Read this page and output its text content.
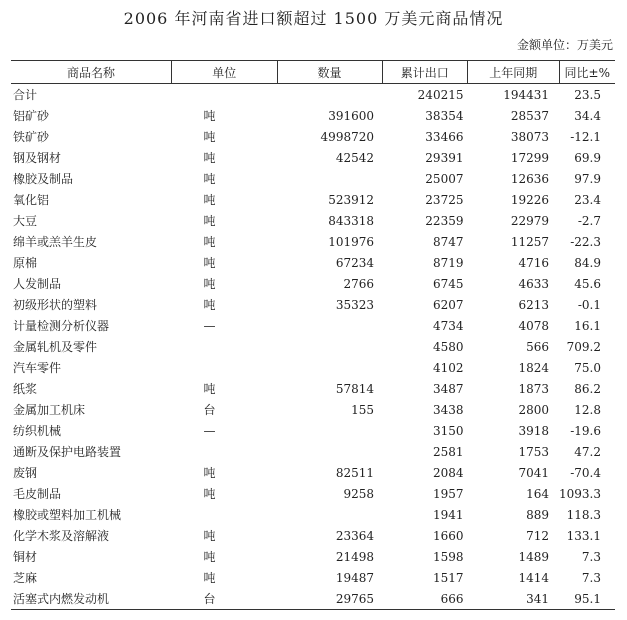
2006 年河南省进口额超过 1500 万美元商品情况
金额单位：万美元
商品名称	单位	数量	累计出口	上年同期	同比±%
合计			240215	194431	23.5
铝矿砂	吨	391600	38354	28537	34.4
铁矿砂	吨	4998720	33466	38073	-12.1
钢及钢材	吨	42542	29391	17299	69.9
橡胶及制品	吨		25007	12636	97.9
氧化铝	吨	523912	23725	19226	23.4
大豆	吨	843318	22359	22979	-2.7
绵羊或羔羊生皮	吨	101976	8747	11257	-22.3
原棉	吨	67234	8719	4716	84.9
人发制品	吨	2766	6745	4633	45.6
初级形状的塑料	吨	35323	6207	6213	-0.1
计量检测分析仪器	—		4734	4078	16.1
金属轧机及零件			4580	566	709.2
汽车零件			4102	1824	75.0
纸浆	吨	57814	3487	1873	86.2
金属加工机床	台	155	3438	2800	12.8
纺织机械	—		3150	3918	-19.6
通断及保护电路装置			2581	1753	47.2
废钢	吨	82511	2084	7041	-70.4
毛皮制品	吨	9258	1957	164	1093.3
橡胶或塑料加工机械			1941	889	118.3
化学木浆及溶解液	吨	23364	1660	712	133.1
铜材	吨	21498	1598	1489	7.3
芝麻	吨	19487	1517	1414	7.3
活塞式内燃发动机	台	29765	666	341	95.1
